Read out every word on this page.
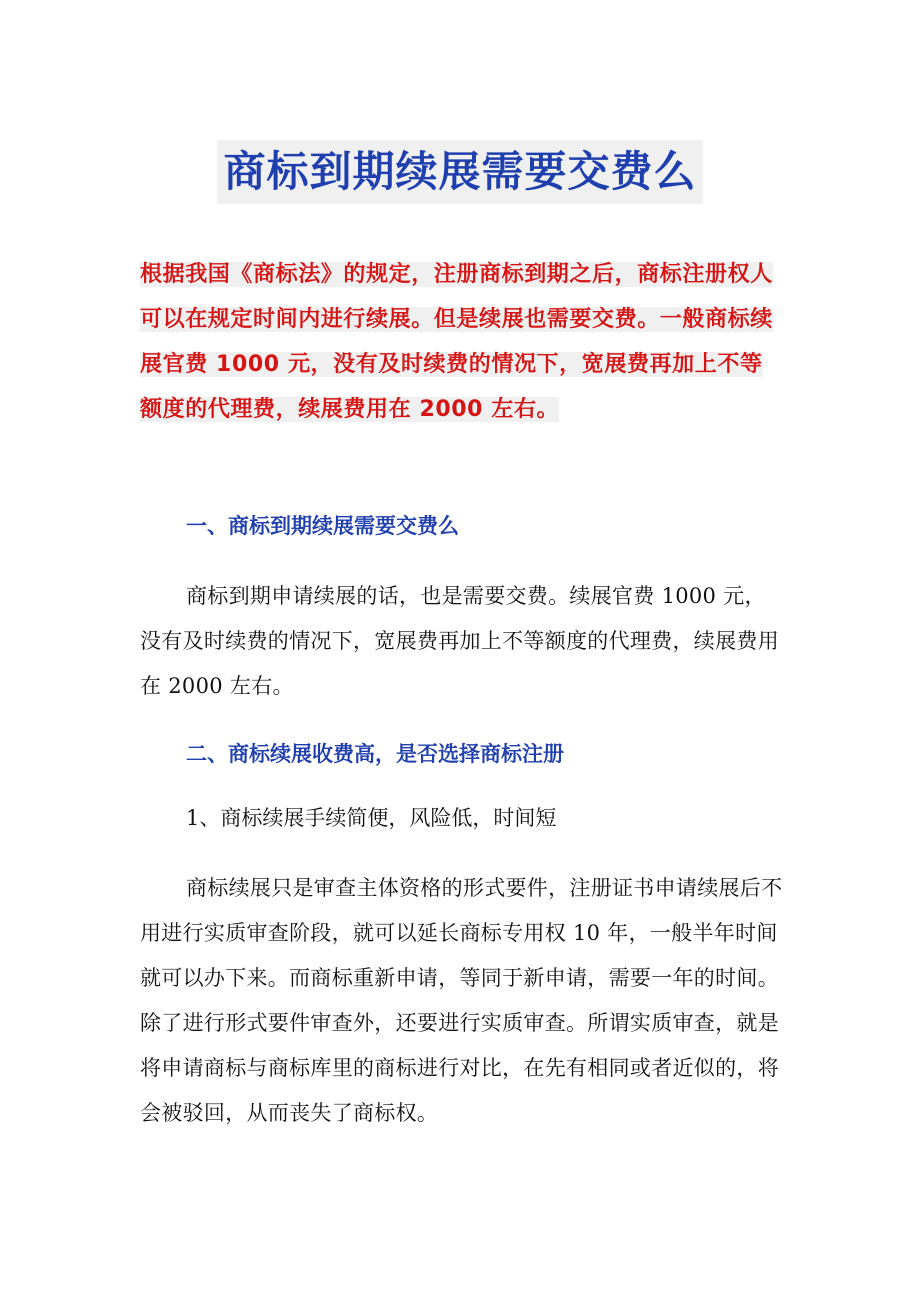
商标到期续展需要交费么

根据我国《商标法》的规定，注册商标到期之后，商标注册权人可以在规定时间内进行续展。但是续展也需要交费。一般商标续展官费 1000 元，没有及时续费的情况下，宽展费再加上不等额度的代理费，续展费用在 2000 左右。

一、商标到期续展需要交费么

商标到期申请续展的话，也是需要交费。续展官费 1000 元，没有及时续费的情况下，宽展费再加上不等额度的代理费，续展费用在 2000 左右。

二、商标续展收费高，是否选择商标注册

1、商标续展手续简便，风险低，时间短

商标续展只是审查主体资格的形式要件，注册证书申请续展后不用进行实质审查阶段，就可以延长商标专用权 10 年，一般半年时间就可以办下来。而商标重新申请，等同于新申请，需要一年的时间。除了进行形式要件审查外，还要进行实质审查。所谓实质审查，就是将申请商标与商标库里的商标进行对比，在先有相同或者近似的，将会被驳回，从而丧失了商标权。
